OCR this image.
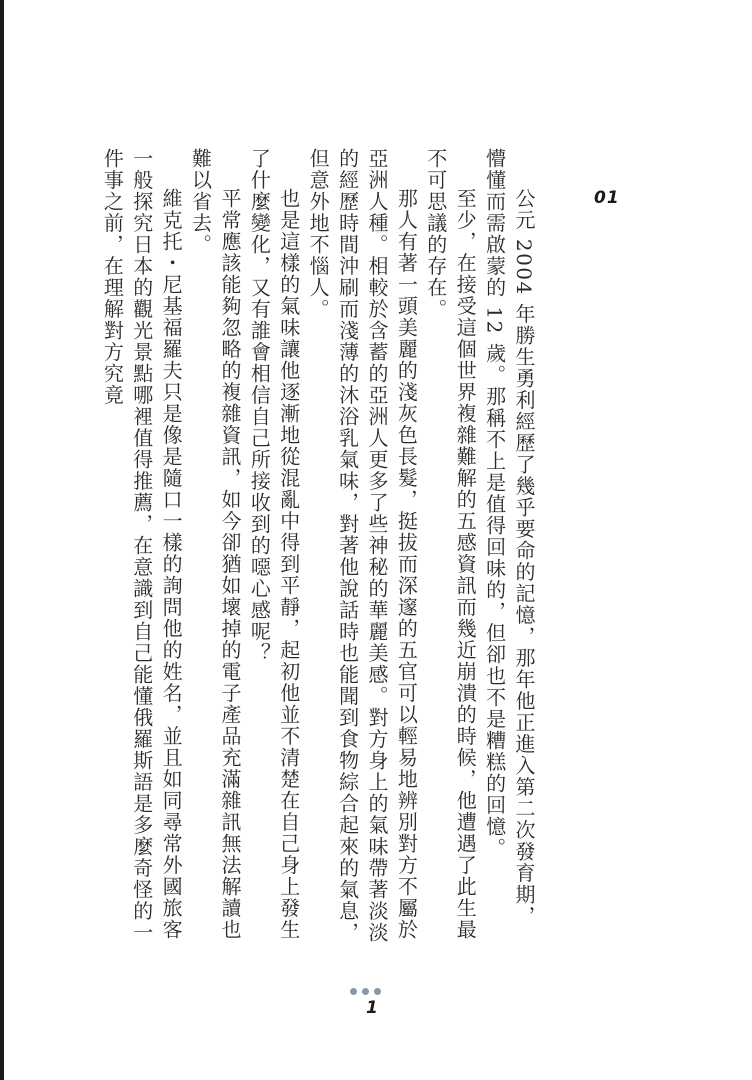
01

公元 2004 年勝生勇利經歷了幾乎要命的記憶，那年他正進入第二次發育期，懵懂而需啟蒙的 12 歲。那稱不上是值得回味的，但卻也不是糟糕的回憶。

至少，在接受這個世界複雜難解的五感資訊而幾近崩潰的時候，他遭遇了此生最不可思議的存在。

那人有著一頭美麗的淺灰色長髮，挺拔而深邃的五官可以輕易地辨別對方不屬於亞洲人種。相較於含蓄的亞洲人更多了些神秘的華麗美感。對方身上的氣味帶著淡淡的經歷時間沖刷而淺薄的沐浴乳氣味，對著他說話時也能聞到食物綜合起來的氣息，但意外地不惱人。

也是這樣的氣味讓他逐漸地從混亂中得到平靜，起初他並不清楚在自己身上發生了什麼變化，又有誰會相信自己所接收到的噁心感呢？

平常應該能夠忽略的複雜資訊，如今卻猶如壞掉的電子產品充滿雜訊無法解讀也難以省去。

維克托・尼基福羅夫只是像是隨口一樣的詢問他的姓名，並且如同尋常外國旅客一般探究日本的觀光景點哪裡值得推薦，在意識到自己能懂俄羅斯語是多麼奇怪的一件事之前，在理解對方究竟

1
